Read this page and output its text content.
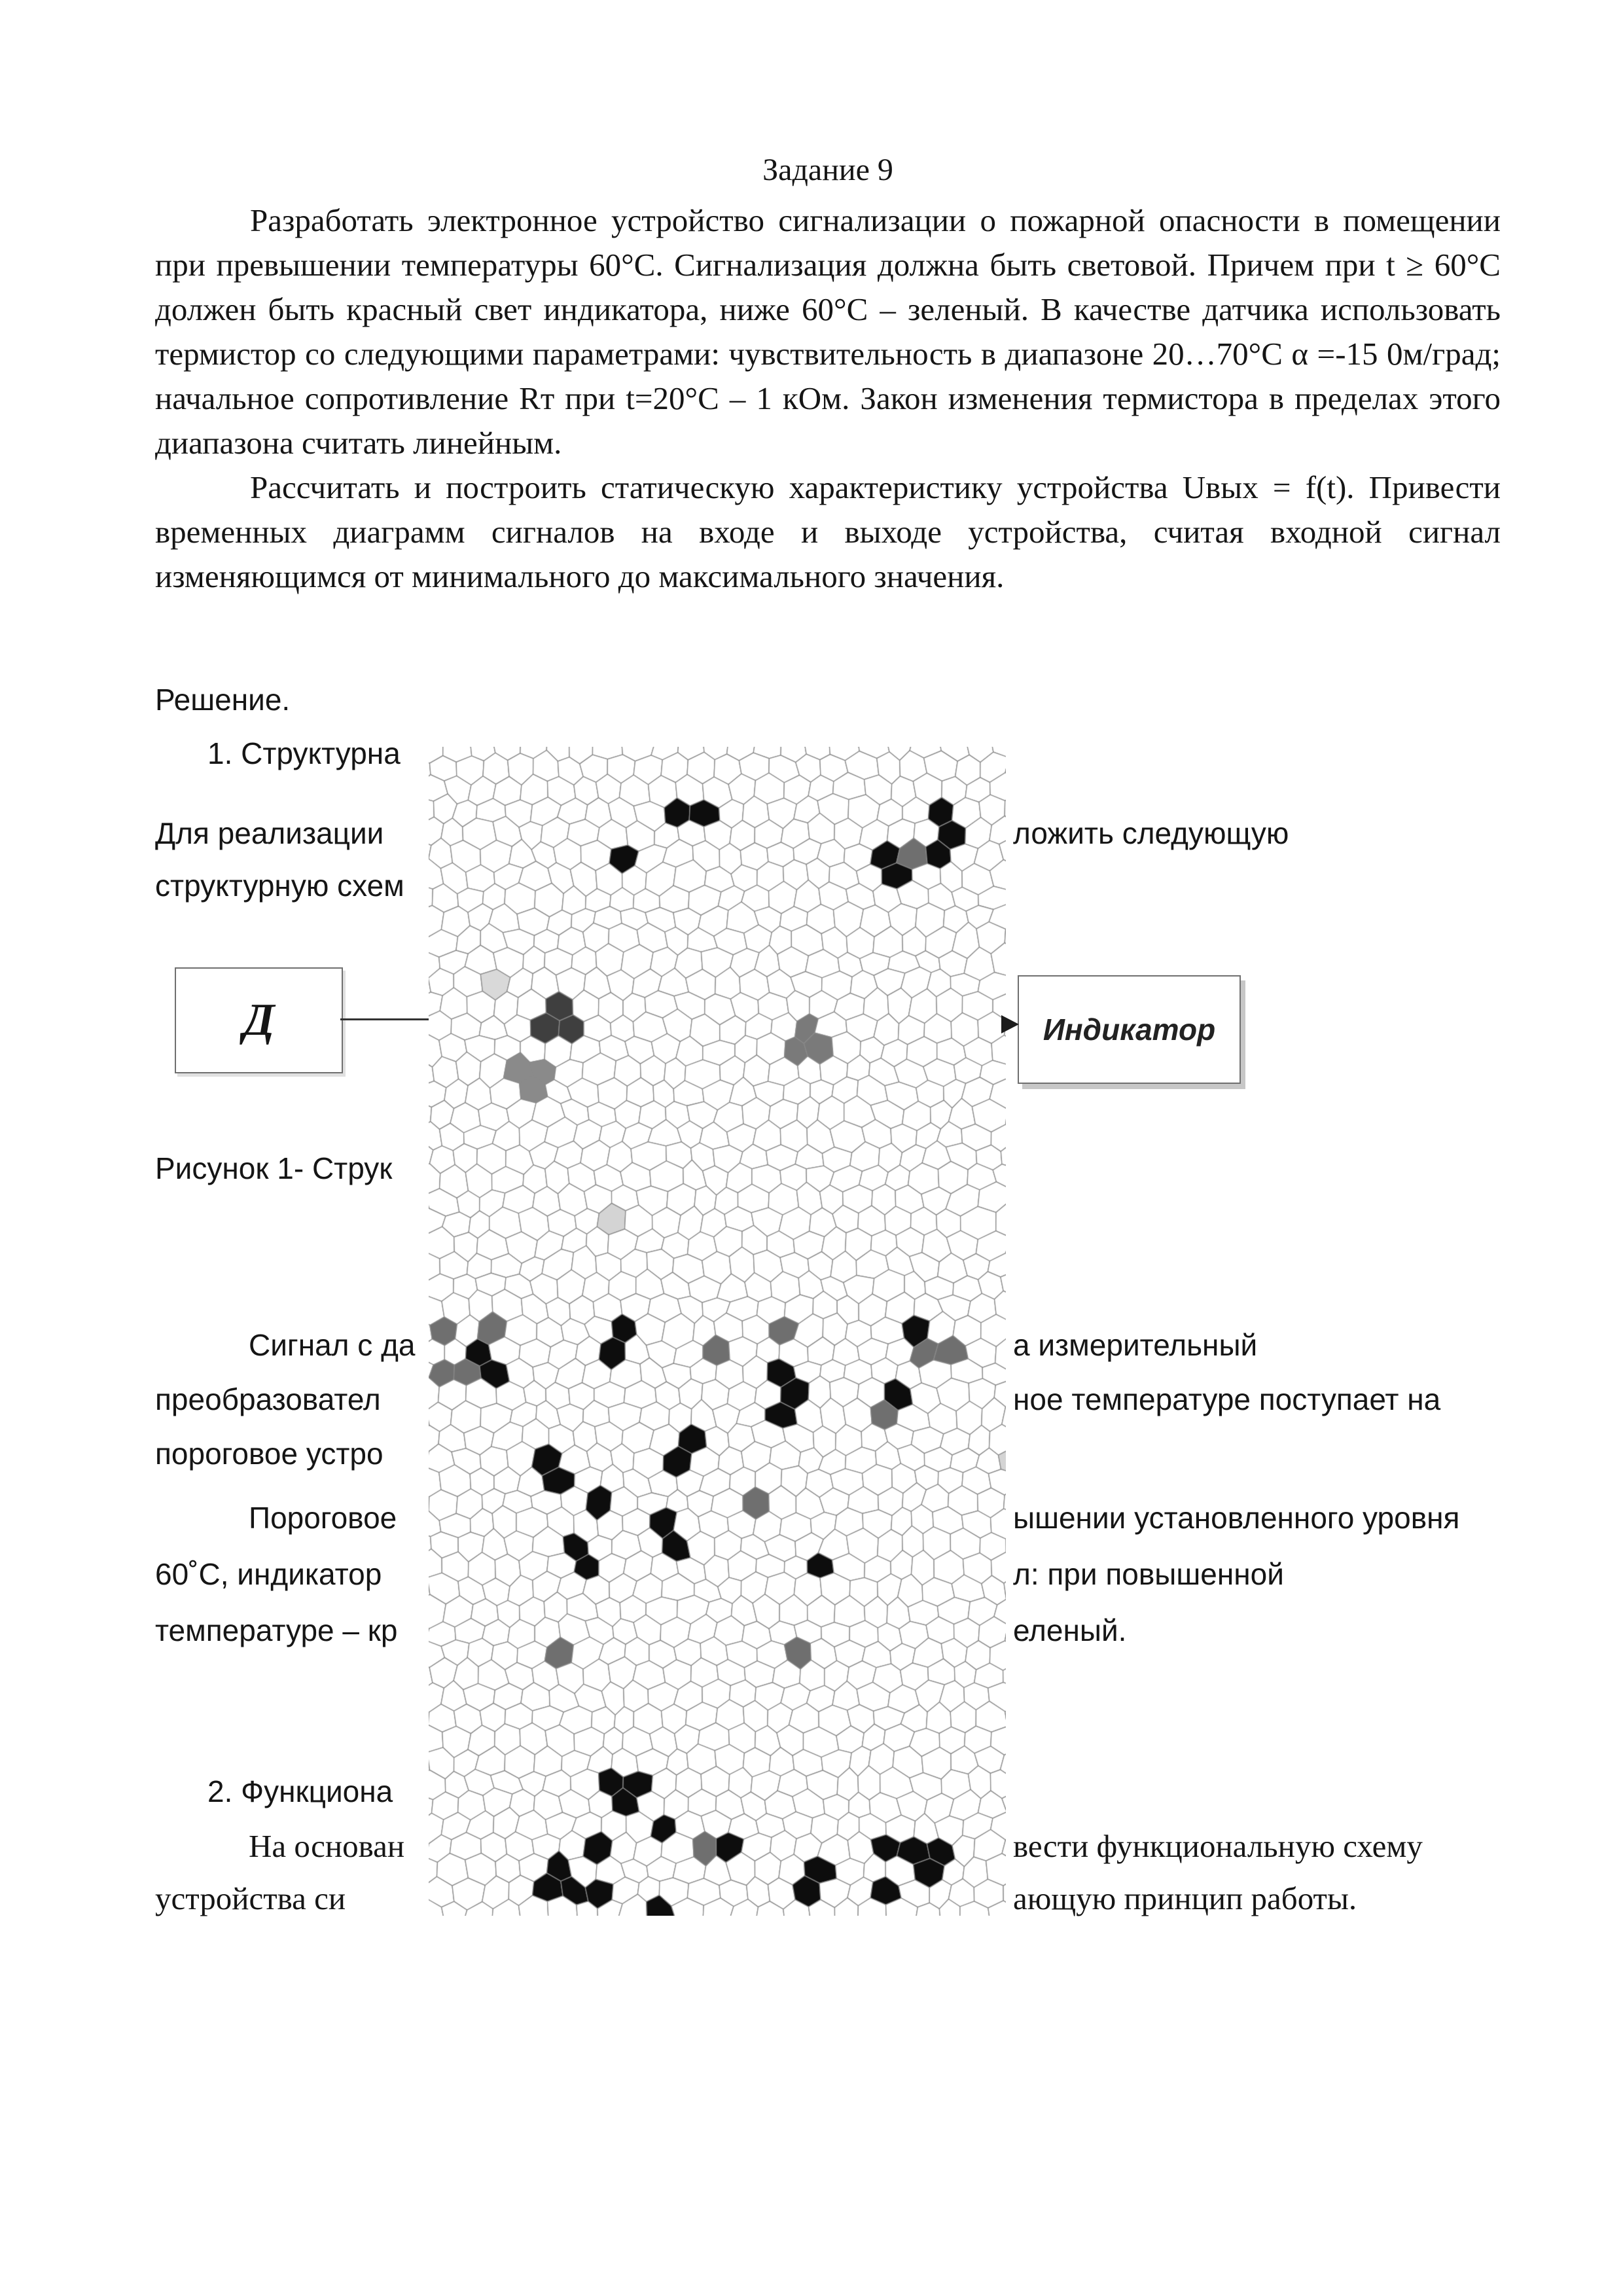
Задание 9

Разработать электронное устройство сигнализации о пожарной опасности в помещении при превышении температуры 60°С. Сигнализация должна быть световой. Причем при t ≥ 60°С должен быть красный свет индикатора, ниже 60°С – зеленый. В качестве датчика использовать термистор со следующими параметрами: чувствительность в диапазоне 20…70°С α =-15 0м/град; начальное сопротивление Rт при t=20°С – 1 кОм. Закон изменения термистора в пределах этого диапазона считать линейным.

Рассчитать и построить статическую характеристику устройства Uвых = f(t). Привести временных диаграмм сигналов на входе и выходе устройства, считая входной сигнал изменяющимся от минимального до максимального значения.

Решение.
1. Структурна
Для реализации	ложить следующую
структурную схем
Д	Индикатор
Рисунок 1- Струк
Сигнал с да	а измерительный
преобразовател	ное температуре поступает на
пороговое устро
Пороговое	ышении установленного уровня
60˚С, индикатор	л: при повышенной
температуре – кр	еленый.
2. Функциона
На основан	вести функциональную схему
устройства си	ающую принцип работы.
